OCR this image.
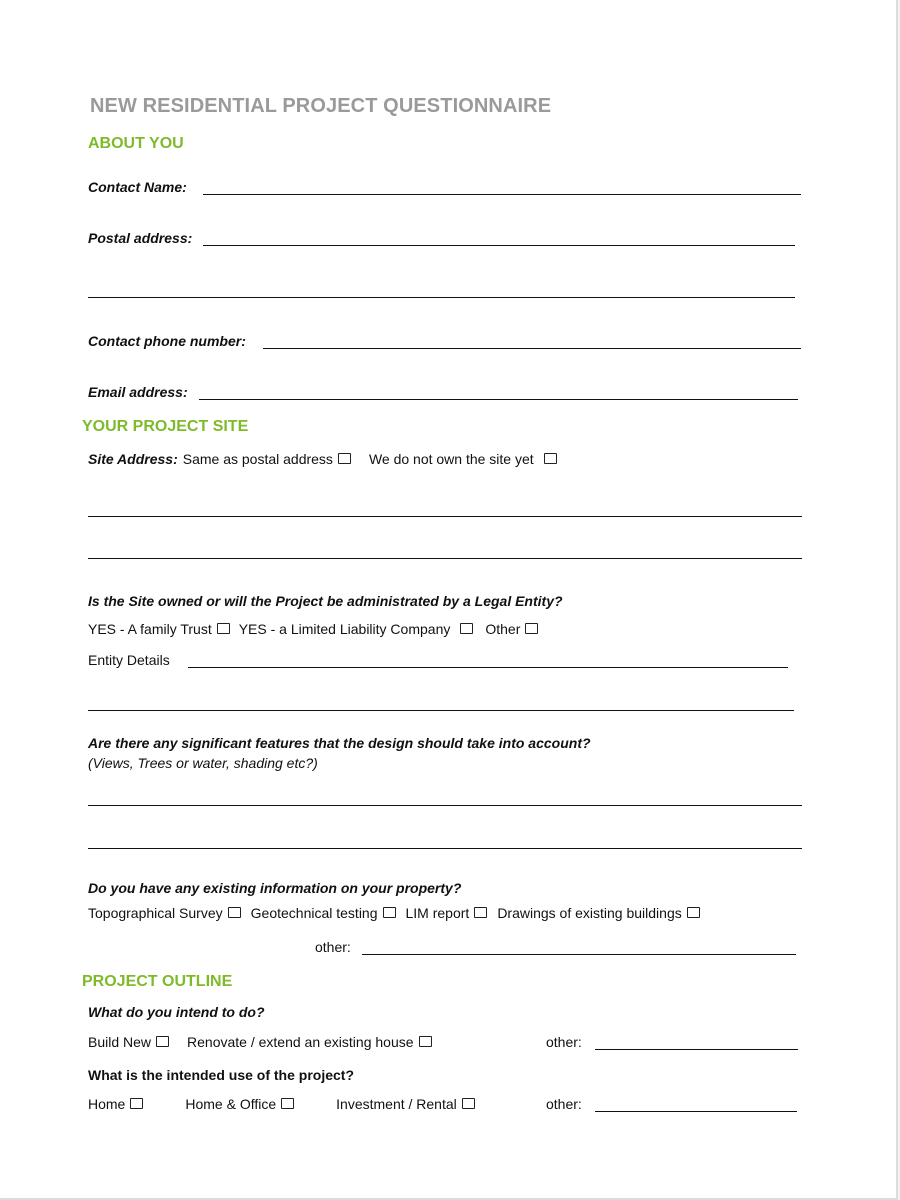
NEW RESIDENTIAL PROJECT QUESTIONNAIRE
ABOUT YOU
Contact Name:
Postal address:
Contact phone number:
Email address:
YOUR PROJECT SITE
Site Address: Same as postal address	We do not own the site yet
Is the Site owned or will the Project be administrated by a Legal Entity?
YES - A family Trust YES - a Limited Liability Company	Other
Entity Details
Are there any significant features that the design should take into account?
(Views, Trees or water, shading etc?)
Do you have any existing information on your property?
Topographical Survey Geotechnical testing LIM report Drawings of existing buildings
other:
PROJECT OUTLINE
What do you intend to do?
Build New	Renovate / extend an existing house	other:
What is the intended use of the project?
Home	Home & Office	Investment / Rental	other:
